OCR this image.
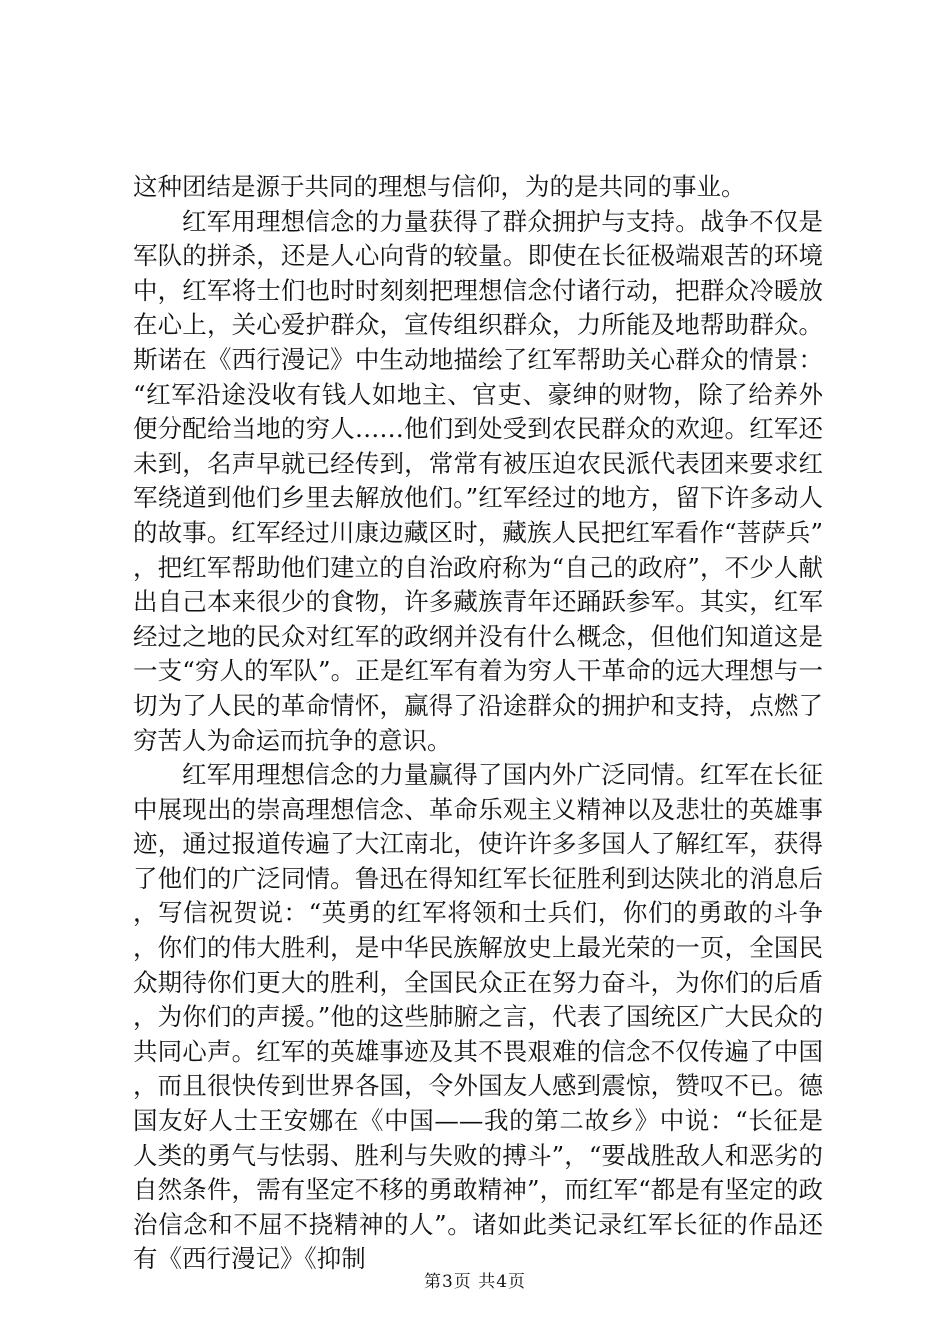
这种团结是源于共同的理想与信仰，为的是共同的事业。

红军用理想信念的力量获得了群众拥护与支持。战争不仅是军队的拼杀，还是人心向背的较量。即使在长征极端艰苦的环境中，红军将士们也时时刻刻把理想信念付诸行动，把群众冷暖放在心上，关心爱护群众，宣传组织群众，力所能及地帮助群众。斯诺在《西行漫记》中生动地描绘了红军帮助关心群众的情景：“红军沿途没收有钱人如地主、官吏、豪绅的财物，除了给养外便分配给当地的穷人……他们到处受到农民群众的欢迎。红军还未到，名声早就已经传到，常常有被压迫农民派代表团来要求红军绕道到他们乡里去解放他们。”红军经过的地方，留下许多动人的故事。红军经过川康边藏区时，藏族人民把红军看作“菩萨兵”，把红军帮助他们建立的自治政府称为“自己的政府”，不少人献出自己本来很少的食物，许多藏族青年还踊跃参军。其实，红军经过之地的民众对红军的政纲并没有什么概念，但他们知道这是一支“穷人的军队”。正是红军有着为穷人干革命的远大理想与一切为了人民的革命情怀，赢得了沿途群众的拥护和支持，点燃了穷苦人为命运而抗争的意识。

红军用理想信念的力量赢得了国内外广泛同情。红军在长征中展现出的崇高理想信念、革命乐观主义精神以及悲壮的英雄事迹，通过报道传遍了大江南北，使许许多多国人了解红军，获得了他们的广泛同情。鲁迅在得知红军长征胜利到达陕北的消息后，写信祝贺说：“英勇的红军将领和士兵们，你们的勇敢的斗争，你们的伟大胜利，是中华民族解放史上最光荣的一页，全国民众期待你们更大的胜利，全国民众正在努力奋斗，为你们的后盾，为你们的声援。”他的这些肺腑之言，代表了国统区广大民众的共同心声。红军的英雄事迹及其不畏艰难的信念不仅传遍了中国，而且很快传到世界各国，令外国友人感到震惊，赞叹不已。德国友好人士王安娜在《中国——我的第二故乡》中说：“长征是人类的勇气与怯弱、胜利与失败的搏斗”，“要战胜敌人和恶劣的自然条件，需有坚定不移的勇敢精神”，而红军“都是有坚定的政治信念和不屈不挠精神的人”。诸如此类记录红军长征的作品还有《西行漫记》《抑制

第3页 共4页
